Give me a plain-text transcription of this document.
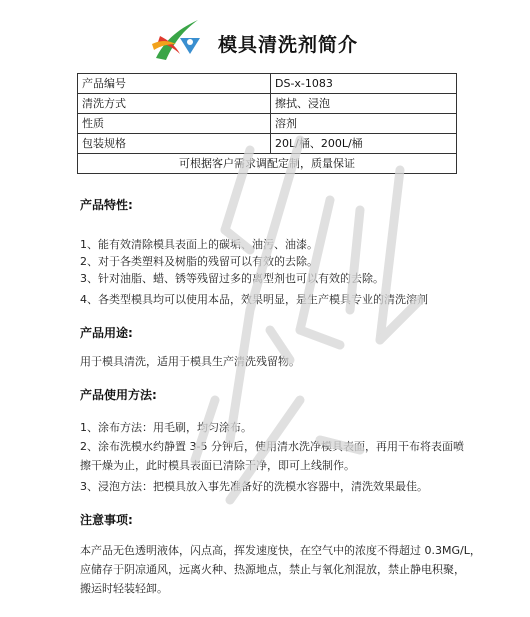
模具清洗剂简介
产品编号	DS-x-1083
清洗方式	擦拭、浸泡
性质	溶剂
包装规格	20L/桶、200L/桶
可根据客户需求调配定制，质量保证	
产品特性:
1、能有效清除模具表面上的碳垢、油污、油漆。
2、对于各类塑料及树脂的残留可以有效的去除。
3、针对油脂、蜡、锈等残留过多的离型剂也可以有效的去除。
4、各类型模具均可以使用本品，效果明显，是生产模具专业的清洗溶剂
产品用途:
用于模具清洗，适用于模具生产清洗残留物。
产品使用方法:
1、涂布方法：用毛刷，均匀涂布。
2、涂布洗模水约静置 3-5 分钟后，使用清水洗净模具表面，再用干布将表面喷
擦干燥为止，此时模具表面已清除干净，即可上线制作。
3、浸泡方法：把模具放入事先准备好的洗模水容器中，清洗效果最佳。
注意事项:
本产品无色透明液体，闪点高，挥发速度快，在空气中的浓度不得超过 0.3MG/L，
应储存于阴凉通风，远离火种、热源地点，禁止与氧化剂混放，禁止静电积聚，
搬运时轻装轻卸。
